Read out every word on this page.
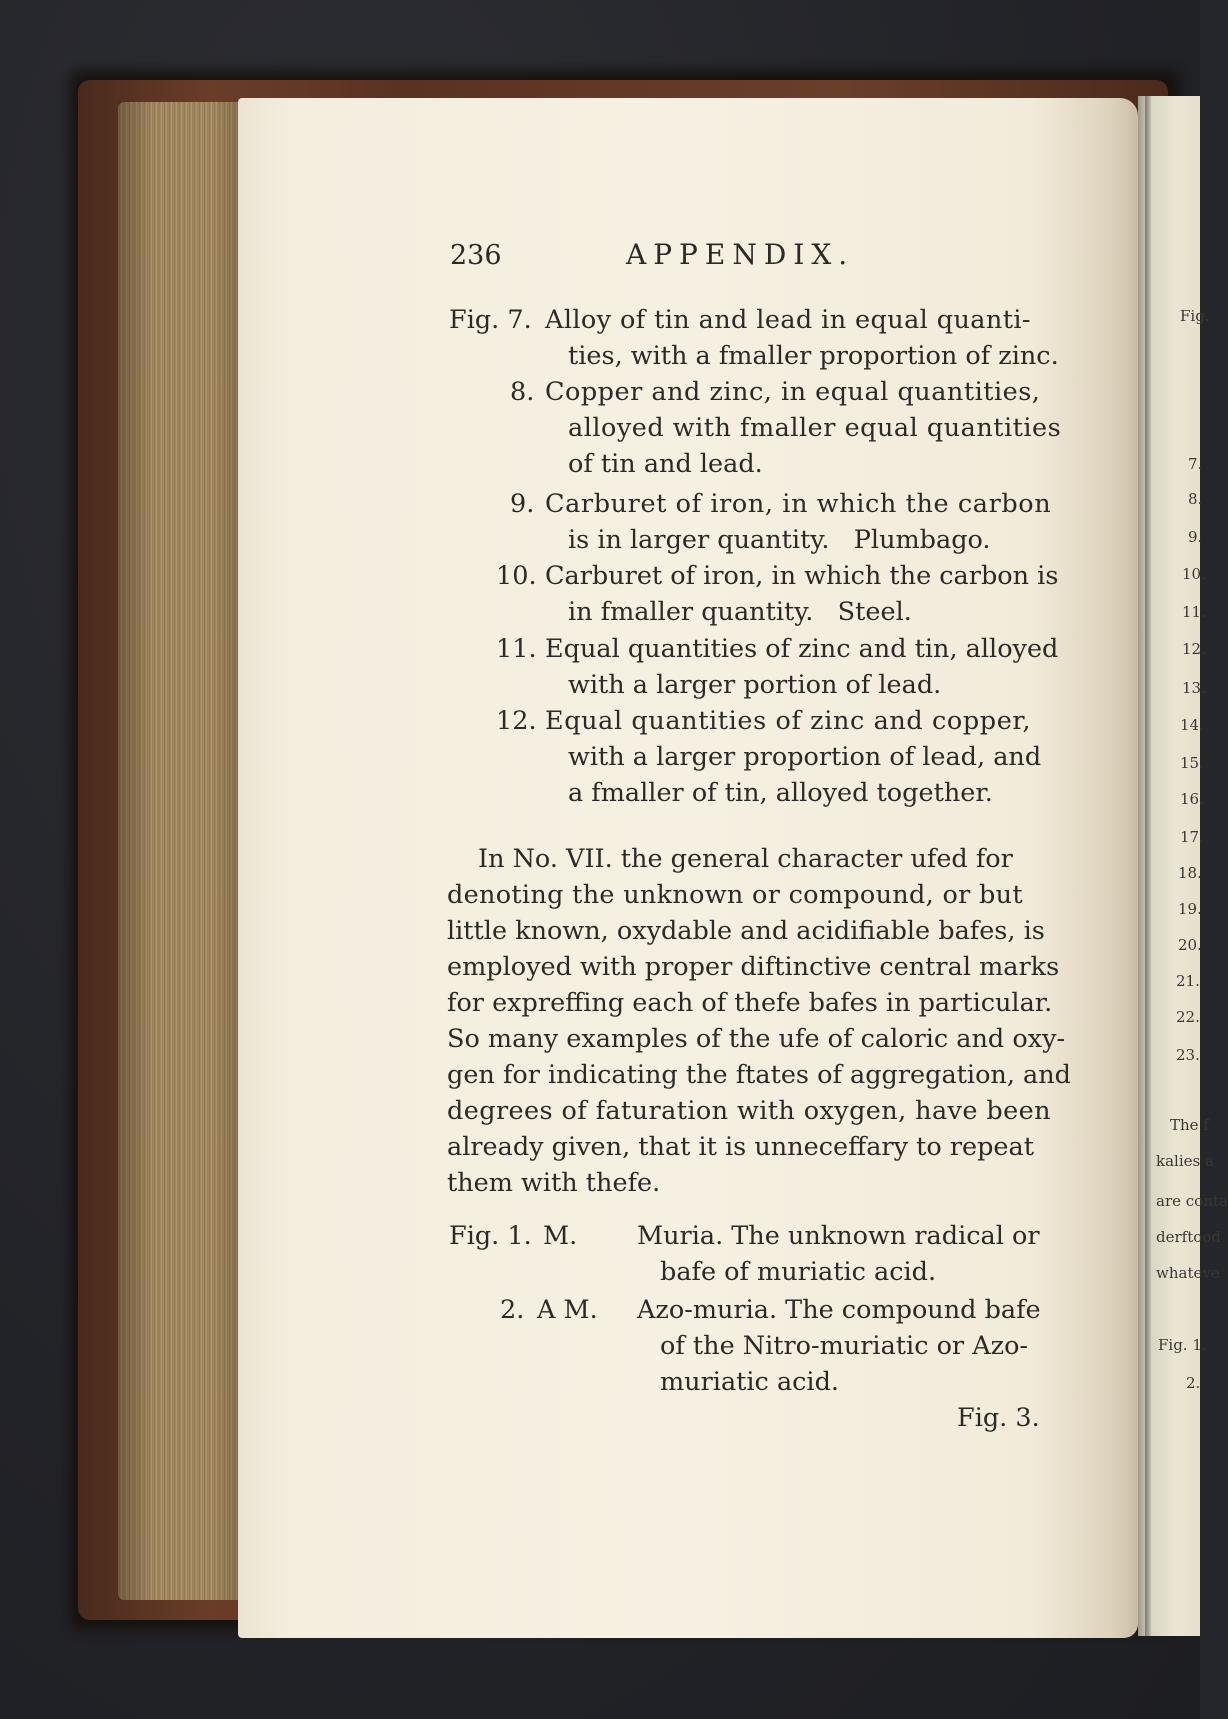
236	APPENDIX.
Fig. 7. Alloy of tin and lead in equal quanti-
ties, with a fmaller proportion of zinc.
8. Copper and zinc, in equal quantities,
alloyed with fmaller equal quantities
of tin and lead.
9. Carburet of iron, in which the carbon
is in larger quantity.   Plumbago.
10. Carburet of iron, in which the carbon is
in fmaller quantity.   Steel.
11. Equal quantities of zinc and tin, alloyed
with a larger portion of lead.
12. Equal quantities of zinc and copper,
with a larger proportion of lead, and
a fmaller of tin, alloyed together.
In No. VII. the general character ufed for
denoting the unknown or compound, or but
little known, oxydable and acidifiable bafes, is
employed with proper diftinctive central marks
for expreffing each of thefe bafes in particular.
So many examples of the ufe of caloric and oxy-
gen for indicating the ftates of aggregation, and
degrees of faturation with oxygen, have been
already given, that it is unneceffary to repeat
them with thefe.
Fig. 1. M. Muria. The unknown radical or
bafe of muriatic acid.
2. A M. Azo-muria. The compound bafe
of the Nitro-muriatic or Azo-
muriatic acid.
Fig. 3.
Fig.
7.
8.
9.
10.
11.
12.
13.
14.
15.
16.
17.
18.
19.
20.
21.
22.
23.
The f
kalies a
are conta
derftood
whateve
Fig. 1.
2.
